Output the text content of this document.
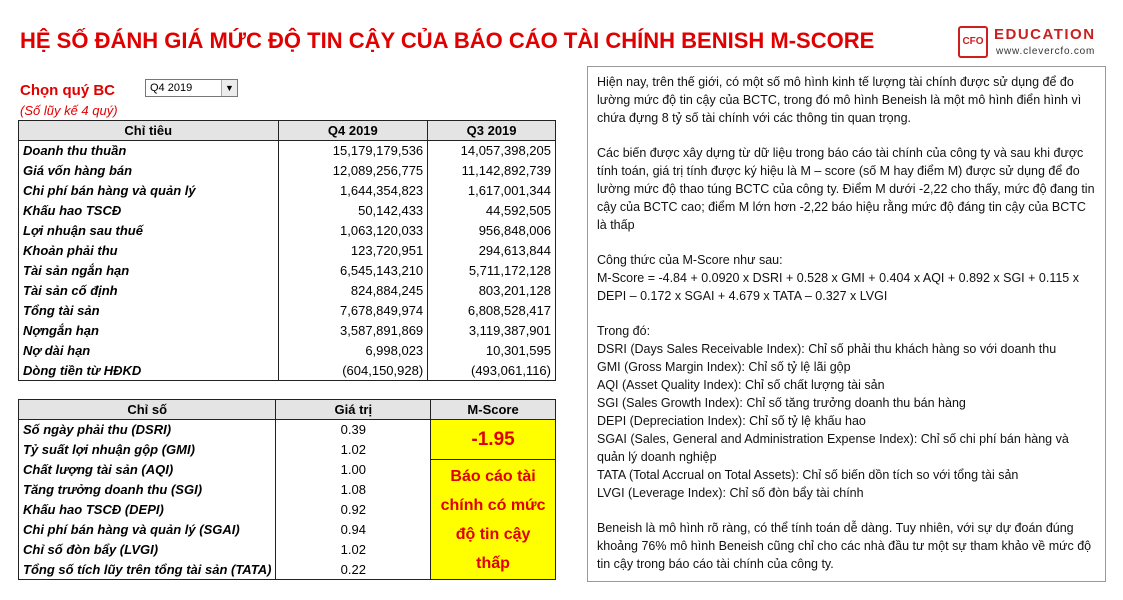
HỆ SỐ ĐÁNH GIÁ MỨC ĐỘ TIN CẬY CỦA BÁO CÁO TÀI CHÍNH BENISH M-SCORE	CFO EDUCATION
www.clevercfo.com
Chọn quý BC
(Số lũy kế 4 quý)
Q4 2019	▼
Chỉ tiêu	Q4 2019	Q3 2019
Doanh thu thuần	15,179,179,536	14,057,398,205
Giá vốn hàng bán	12,089,256,775	11,142,892,739
Chi phí bán hàng và quản lý	1,644,354,823	1,617,001,344
Khấu hao TSCĐ	50,142,433	44,592,505
Lợi nhuận sau thuế	1,063,120,033	956,848,006
Khoản phải thu	123,720,951	294,613,844
Tài sản ngắn hạn	6,545,143,210	5,711,172,128
Tài sản cố định	824,884,245	803,201,128
Tổng tài sản	7,678,849,974	6,808,528,417
Nợngắn hạn	3,587,891,869	3,119,387,901
Nợ dài hạn	6,998,023	10,301,595
Dòng tiền từ HĐKD	(604,150,928)	(493,061,116)
Chỉ số	Giá trị	M-Score
Số ngày phải thu (DSRI)	0.39	-1.95
Tỷ suất lợi nhuận gộp (GMI)	1.02	
Chất lượng tài sản (AQI)	1.00	Báo cáo tài chính có mức độ tin cậy thấp
Tăng trưởng doanh thu (SGI)	1.08	
Khấu hao TSCĐ (DEPI)	0.92	
Chi phí bán hàng và quản lý (SGAI)	0.94	
Chỉ số đòn bẩy (LVGI)	1.02	
Tổng số tích lũy trên tổng tài sản (TATA)	0.22	

Hiện nay, trên thế giới, có một số mô hình kinh tế lượng tài chính được sử dụng để đo lường mức độ tin cậy của BCTC, trong đó mô hình Beneish là một mô hình điển hình vì chứa đựng 8 tỷ số tài chính với các thông tin quan trọng.

Các biến được xây dựng từ dữ liệu trong báo cáo tài chính của công ty và sau khi được tính toán, giá trị tính được ký hiệu là M – score (số M hay điểm M) được sử dụng để đo lường mức độ thao túng BCTC của công ty. Điểm M dưới -2,22 cho thấy, mức độ đang tin cậy của BCTC cao; điểm M lớn hơn -2,22 báo hiệu rằng mức độ đáng tin cậy của BCTC là thấp

Công thức của M-Score như sau:
M-Score = -4.84 + 0.0920 x DSRI + 0.528 x GMI + 0.404 x AQI + 0.892 x SGI + 0.115 x DEPI – 0.172 x SGAI + 4.679 x TATA – 0.327 x LVGI

Trong đó:
DSRI (Days Sales Receivable Index): Chỉ số phải thu khách hàng so với doanh thu
GMI (Gross Margin Index): Chỉ số tỷ lệ lãi gộp
AQI (Asset Quality Index): Chỉ số chất lượng tài sản
SGI (Sales Growth Index): Chỉ số tăng trưởng doanh thu bán hàng
DEPI (Depreciation Index): Chỉ số tỷ lệ khấu hao
SGAI (Sales, General and Administration Expense Index): Chỉ số chi phí bán hàng và quản lý doanh nghiệp
TATA (Total Accrual on Total Assets): Chỉ số biến dồn tích so với tổng tài sản
LVGI (Leverage Index): Chỉ số đòn bẩy tài chính

Beneish là mô hình rõ ràng, có thể tính toán dễ dàng. Tuy nhiên, với sự dự đoán đúng khoảng 76% mô hình Beneish cũng chỉ cho các nhà đầu tư một sự tham khảo về mức độ tin cậy trong báo cáo tài chính của công ty.
